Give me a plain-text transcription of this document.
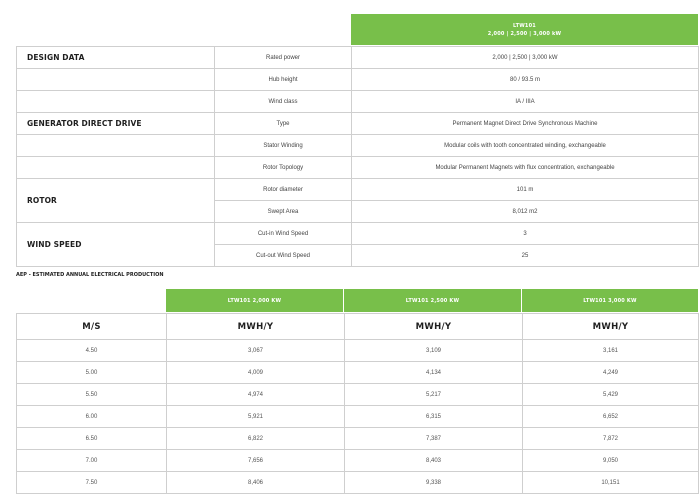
LTW101
2,000 | 2,500 | 3,000 kW
DESIGN DATA	Rated power	2,000 | 2,500 | 3,000 kW
	Hub height	80 / 93.5 m
	Wind class	IA / IIIA
GENERATOR DIRECT DRIVE	Type	Permanent Magnet Direct Drive Synchronous Machine
	Stator Winding	Modular coils with tooth concentrated winding, exchangeable
	Rotor Topology	Modular Permanent Magnets with flux concentration, exchangeable
ROTOR	Rotor diameter	101 m
	Swept Area	8,012 m2
WIND SPEED	Cut-in Wind Speed	3
	Cut-out Wind Speed	25
AEP - ESTIMATED ANNUAL ELECTRICAL PRODUCTION
LTW101 2,000 KW	LTW101 2,500 KW	LTW101 3,000 KW
M/S	MWH/Y	MWH/Y	MWH/Y
4.50	3,067	3,109	3,161
5.00	4,009	4,134	4,249
5.50	4,974	5,217	5,429
6.00	5,921	6,315	6,652
6.50	6,822	7,387	7,872
7.00	7,656	8,403	9,050
7.50	8,406	9,338	10,151
